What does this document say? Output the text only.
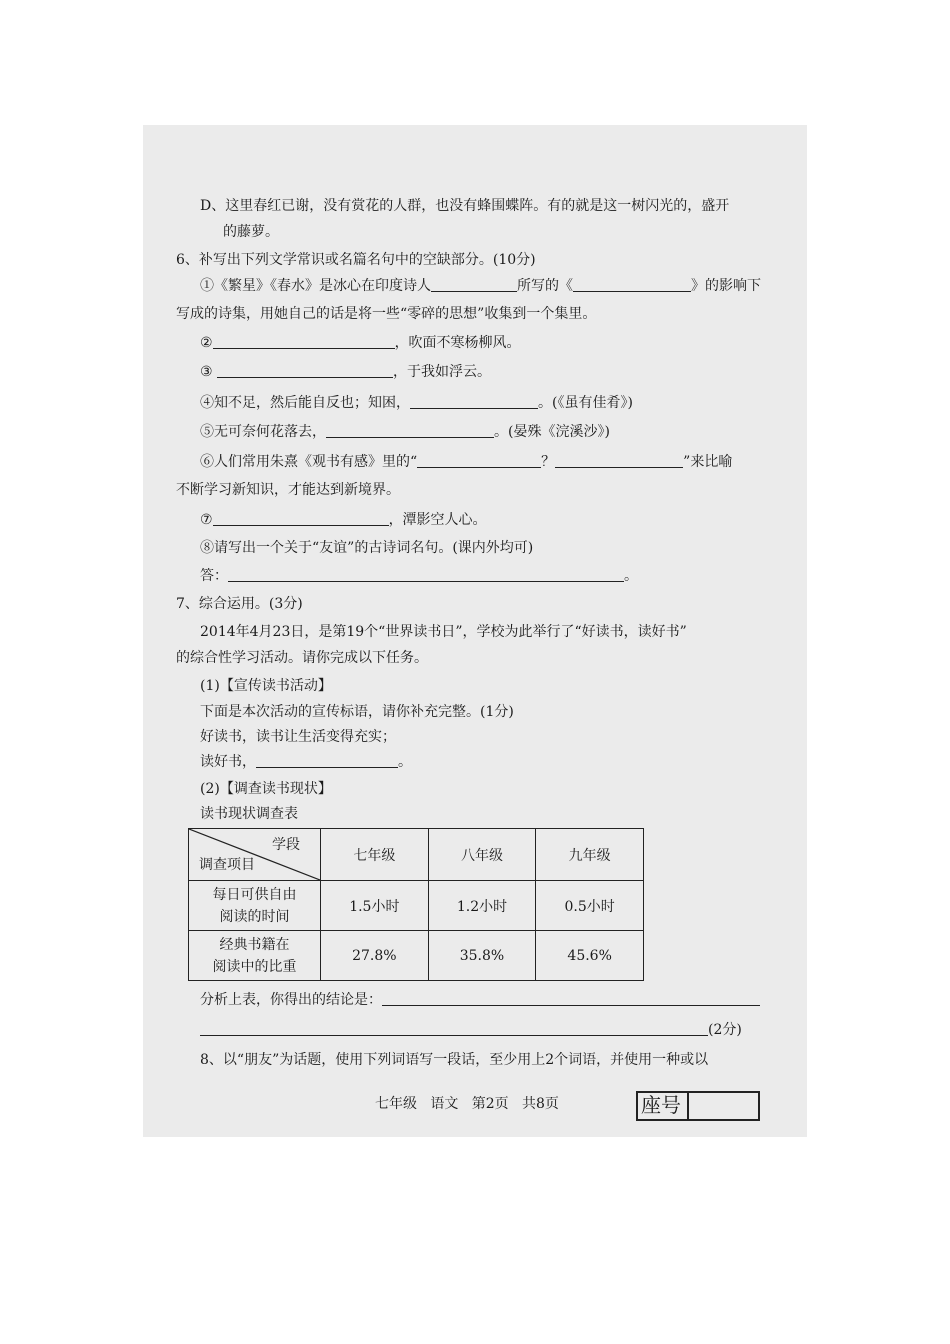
D、这里春红已谢，没有赏花的人群，也没有蜂围蝶阵。有的就是这一树闪光的，盛开
的藤萝。
6、补写出下列文学常识或名篇名句中的空缺部分。(10分)
①《繁星》《春水》是冰心在印度诗人	所写的《	》的影响下
写成的诗集，用她自己的话是将一些“零碎的思想”收集到一个集里。
②	，吹面不寒杨柳风。
③	，于我如浮云。
④知不足，然后能自反也；知困，	。(《虽有佳肴》)
⑤无可奈何花落去，	。(晏殊《浣溪沙》)
⑥人们常用朱熹《观书有感》里的“	？	”来比喻
不断学习新知识，才能达到新境界。
⑦	，潭影空人心。
⑧请写出一个关于“友谊”的古诗词名句。(课内外均可)
答：	。
7、综合运用。(3分)
2014年4月23日，是第19个“世界读书日”，学校为此举行了“好读书，读好书”
的综合性学习活动。请你完成以下任务。
(1)【宣传读书活动】
下面是本次活动的宣传标语，请你补充完整。(1分)
好读书，读书让生活变得充实；
读好书，	。
(2)【调查读书现状】
读书现状调查表
学段
调查项目	七年级	八年级	九年级

每日可供自由
阅读的时间	1.5小时	1.2小时	0.5小时

经典书籍在
阅读中的比重	27.8%	35.8%	45.6%
分析上表，你得出的结论是：
(2分)
8、以“朋友”为话题，使用下列词语写一段话，至少用上2个词语，并使用一种或以
七年级   语文   第2页   共8页	座号
